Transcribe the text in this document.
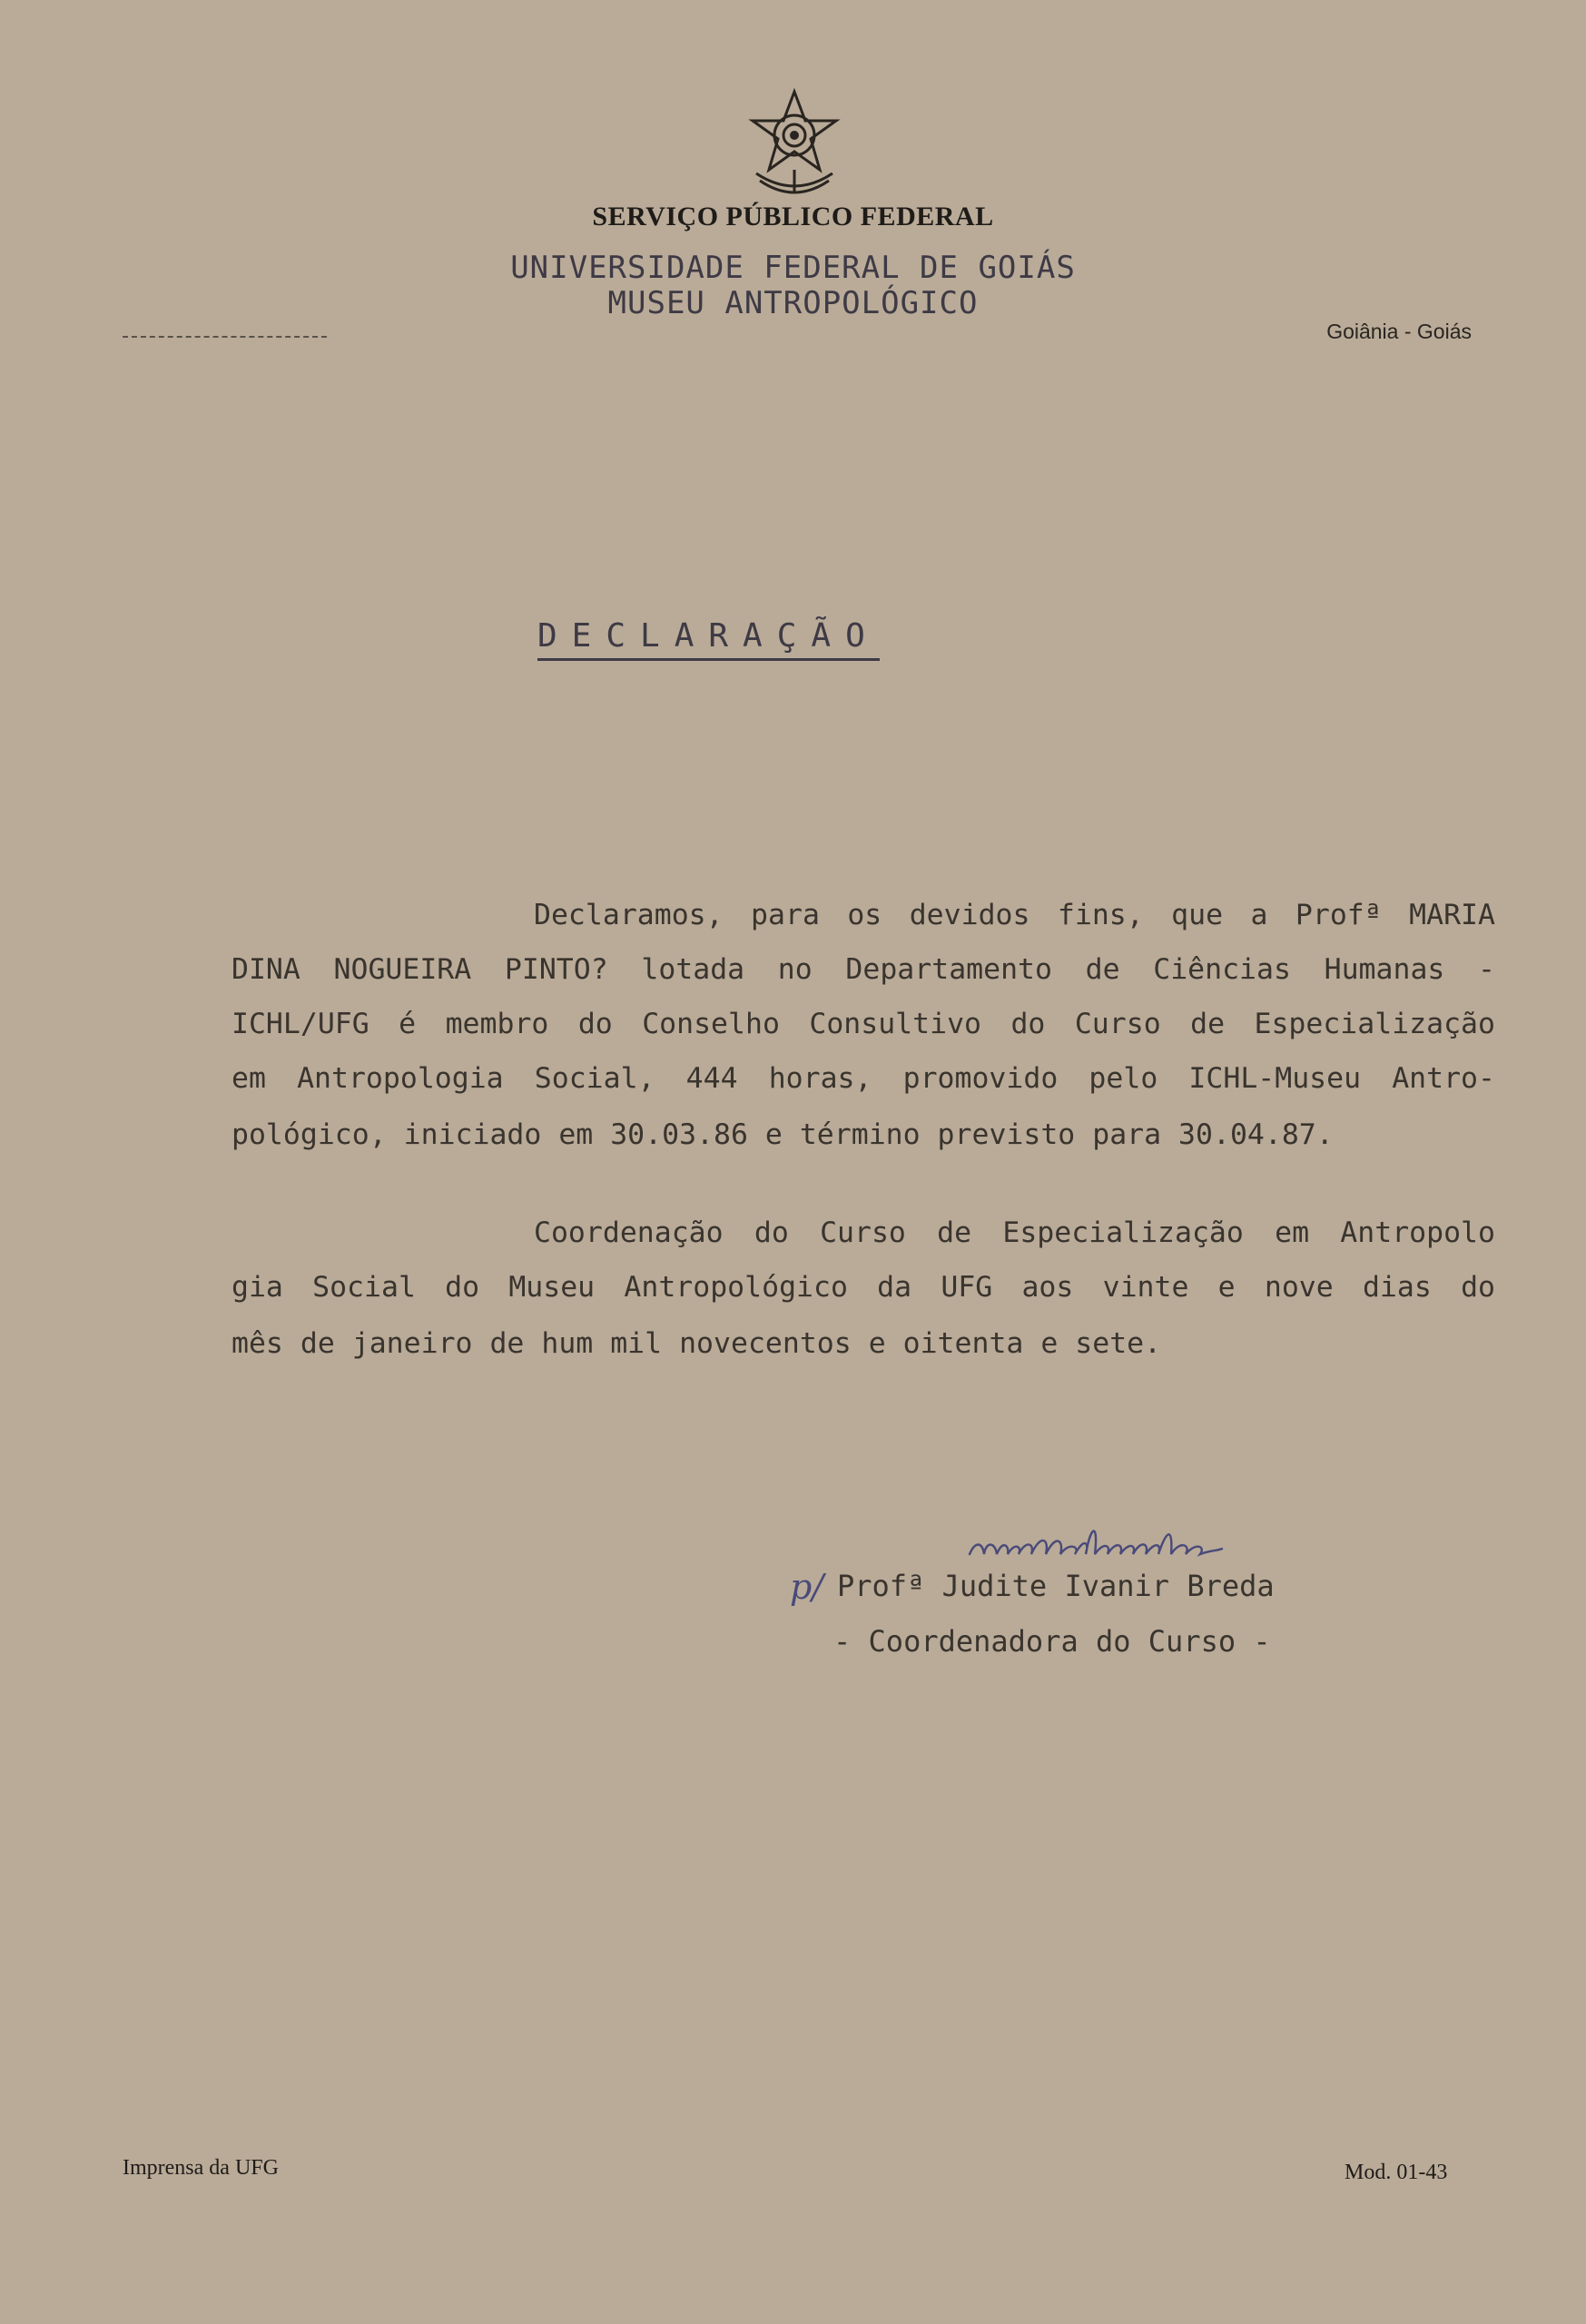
SERVIÇO PÚBLICO FEDERAL
UNIVERSIDADE FEDERAL DE GOIÁS
MUSEU ANTROPOLÓGICO
Goiânia - Goiás
DECLARAÇÃO
Declaramos, para os devidos fins, que a Profª MARIA
DINA NOGUEIRA PINTO? lotada no Departamento de Ciências Humanas -
ICHL/UFG é membro do Conselho Consultivo do Curso de Especialização
em Antropologia Social, 444 horas, promovido pelo ICHL-Museu Antro-
pológico, iniciado em 30.03.86 e término previsto para 30.04.87.
Coordenação do Curso de Especialização em Antropolo
gia Social do Museu Antropológico da UFG aos vinte e nove dias do
mês de janeiro de hum mil novecentos e oitenta e sete.
p/ Profª Judite Ivanir Breda
- Coordenadora do Curso -
Imprensa da UFG	Mod. 01-43
